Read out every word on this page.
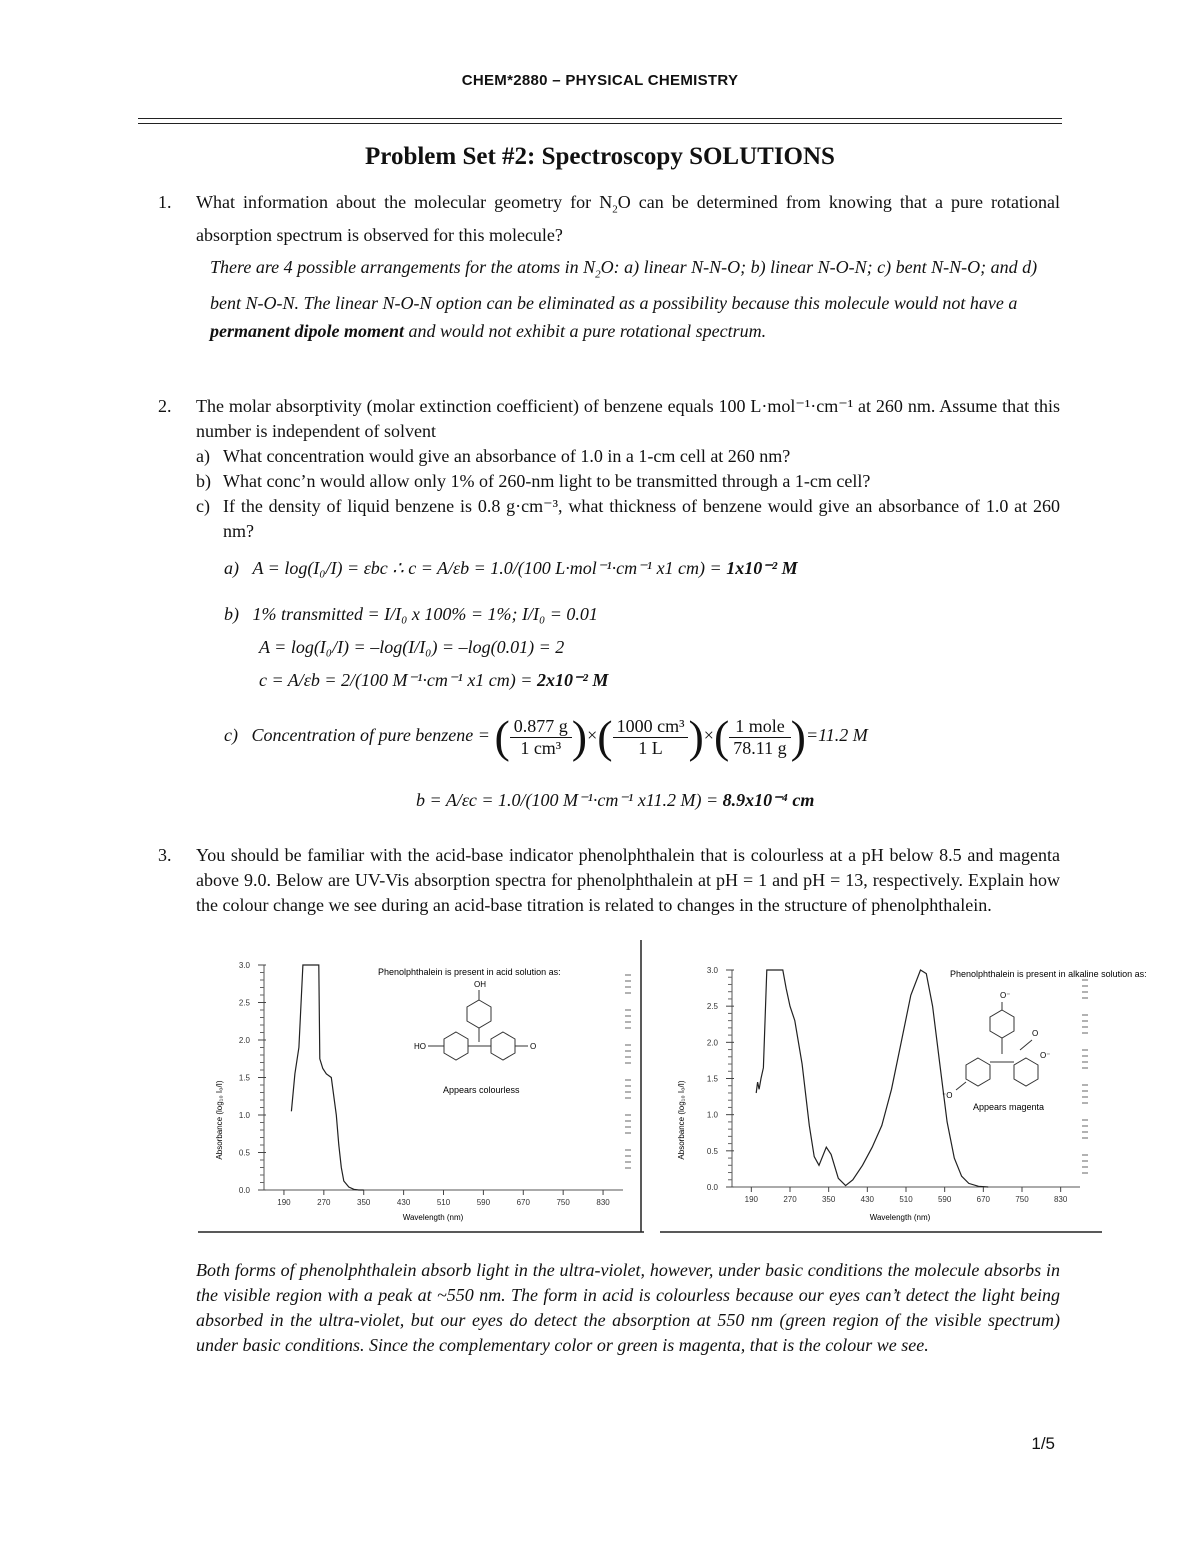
CHEM*2880 – PHYSICAL CHEMISTRY
Problem Set #2: Spectroscopy SOLUTIONS
1. What information about the molecular geometry for $N_2O$ can be determined from knowing that a pure rotational absorption spectrum is observed for this molecule?
There are 4 possible arrangements for the atoms in $N_2O$: a) linear N-N-O; b) linear N-O-N; c) bent N-N-O; and d) bent N-O-N. The linear N-O-N option can be eliminated as a possibility because this molecule would not have a permanent dipole moment and would not exhibit a pure rotational spectrum.
2. The molar absorptivity (molar extinction coefficient) of benzene equals 100 L·mol⁻¹·cm⁻¹ at 260 nm. Assume that this number is independent of solvent
a) What concentration would give an absorbance of 1.0 in a 1-cm cell at 260 nm?
b) What conc’n would allow only 1% of 260-nm light to be transmitted through a 1-cm cell?
c) If the density of liquid benzene is 0.8 g·cm⁻³, what thickness of benzene would give an absorbance of 1.0 at 260 nm?
a) A = log(I₀/I) = εbc ∴ c = A/εb = 1.0/(100 L·mol⁻¹·cm⁻¹ x1 cm) = 1x10⁻² M
b) 1% transmitted = I/I₀ x 100% = 1%; I/I₀ = 0.01
A = log(I₀/I) = –log(I/I₀) = –log(0.01) = 2
c = A/εb = 2/(100 M⁻¹·cm⁻¹ x1 cm) = 2x10⁻² M
c) Concentration of pure benzene = ( $\frac{0.877 g}{\text{1 cm³}}$ )×( $\frac{\text{1000 cm³}}{1 L}$ )×( $\frac{\text{1 mole}}{78.11 g} )=11.2$ M
b = A/εc = 1.0/(100 M⁻¹·cm⁻¹ x11.2 M) = 8.9x10⁻⁴ cm
3. You should be familiar with the acid-base indicator phenolphthalein that is colourless at a pH below 8.5 and magenta above 9.0. Below are UV-Vis absorption spectra for phenolphthalein at pH = 1 and pH = 13, respectively. Explain how the colour change we see during an acid-base titration is related to changes in the structure of phenolphthalein.
0.0
0.5
1.0
1.5
2.0
2.5
3.0
190	270	350	430	510	590	670	750	830
Phenolphthalein is present in acid solution as:
Appears colourless
Wavelength (nm)
Absorbance (log₁₀ I₀/I)
OH
HO	O
0.0
0.5
1.0
1.5
2.0
2.5
3.0
190	270	350	430	510	590	670	750	830
Phenolphthalein is present in alkaline solution as:
Appears magenta
Wavelength (nm)
Absorbance (log₁₀ I₀/I)
O⁻
⁻O
O
O⁻
Both forms of phenolphthalein absorb light in the ultra-violet, however, under basic conditions the molecule absorbs in the visible region with a peak at ~550 nm. The form in acid is colourless because our eyes can’t detect the light being absorbed in the ultra-violet, but our eyes do detect the absorption at 550 nm (green region of the visible spectrum) under basic conditions. Since the complementary color or green is magenta, that is the colour we see.
1/5
